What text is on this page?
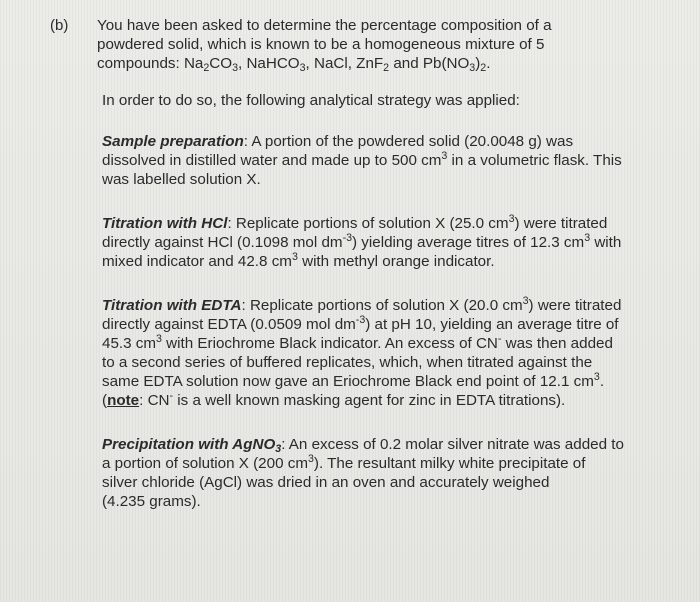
(b) You have been asked to determine the percentage composition of a
powdered solid, which is known to be a homogeneous mixture of 5
compounds: $Na_2CO_3$, NaHCO$_3$, NaCl, ZnF$_2$ and $Pb(NO_3)_2$.

In order to do so, the following analytical strategy was applied:

Sample preparation: A portion of the powdered solid (20.0048 g) was
dissolved in distilled water and made up to 500 $cm^3$ in a volumetric flask. This
was labelled solution X.

Titration with HCl: Replicate portions of solution X (25.0 $cm^3$) were titrated
directly against HCl (0.1098 mol $dm^{-3}$) yielding average titres of 12.3 $cm^3$ with
mixed indicator and 42.8 $cm^3$ with methyl orange indicator.

Titration with EDTA: Replicate portions of solution X (20.0 $cm^3$) were titrated
directly against EDTA (0.0509 mol $dm^{-3}$) at pH 10, yielding an average titre of
45.3 $cm^3$ with Eriochrome Black indicator. An excess of CN- was then added
to a second series of buffered replicates, which, when titrated against the
same EDTA solution now gave an Eriochrome Black end point of 12.1 $cm^3$.
(note: CN- is a well known masking agent for zinc in EDTA titrations).

Precipitation with AgNO$_3$: An excess of 0.2 molar silver nitrate was added to
a portion of solution X (200 $cm^3$). The resultant milky white precipitate of
silver chloride (AgCl) was dried in an oven and accurately weighed
(4.235 grams).
